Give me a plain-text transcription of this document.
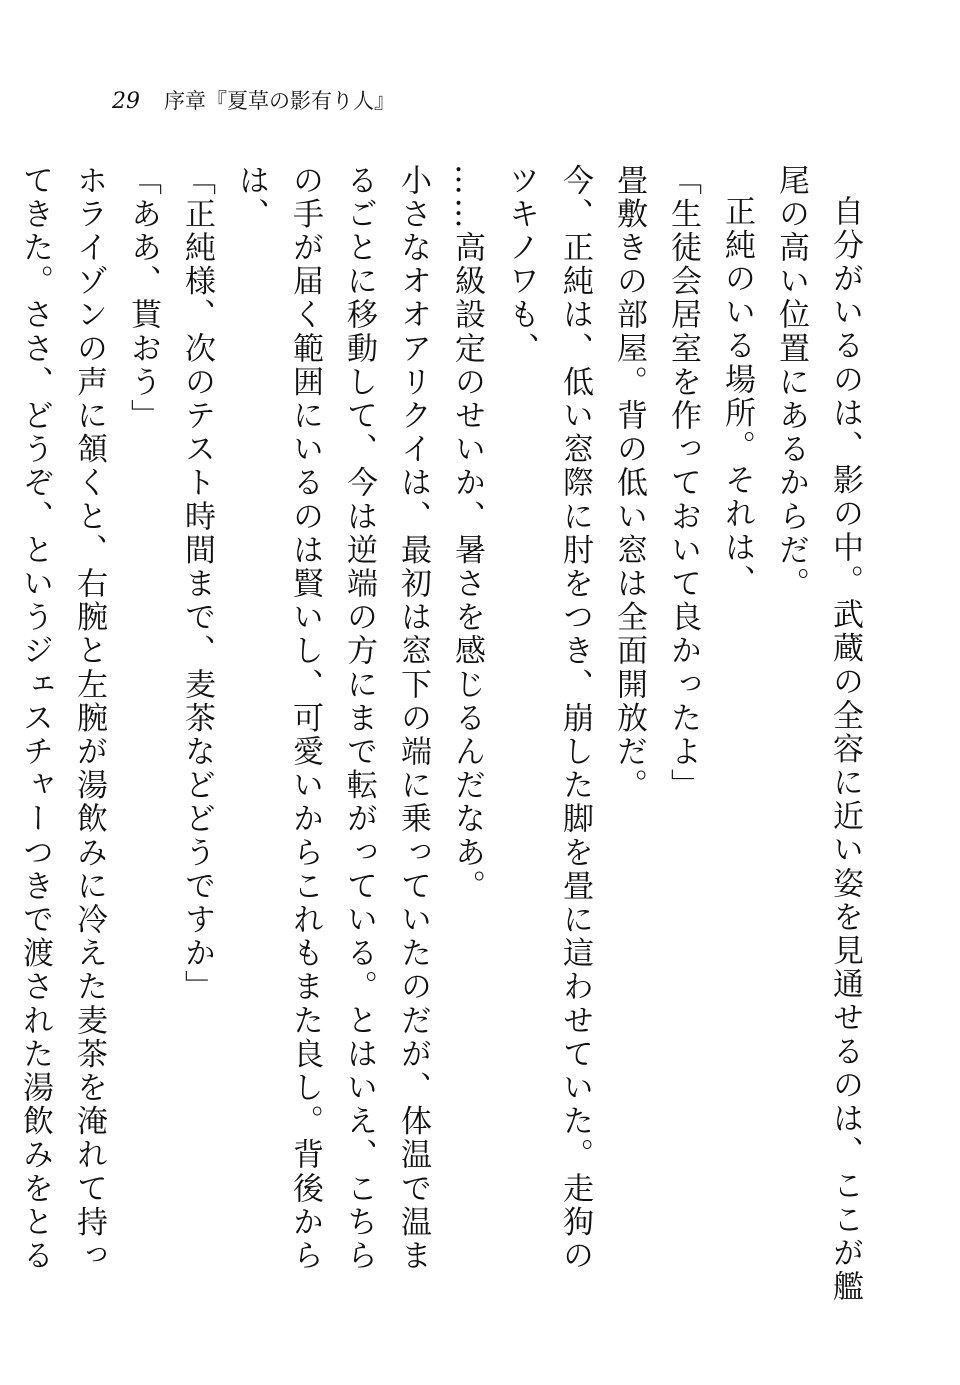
29 序章『夏草の影有り人』

自分がいるのは、影の中。武蔵の全容に近い姿を見通せるのは、ここが艦尾の高い位置にあるからだ。

正純のいる場所。それは、

「生徒会居室を作っておいて良かったよ」

畳敷きの部屋。背の低い窓は全面開放だ。

今、正純は、低い窓際に肘をつき、崩した脚を畳に這わせていた。走狗のツキノワも、

……高級設定のせいか、暑さを感じるんだなあ。

小さなオオアリクイは、最初は窓下の端に乗っていたのだが、体温で温まるごとに移動して、今は逆端の方にまで転がっている。とはいえ、こちらの手が届く範囲にいるのは賢いし、可愛いからこれもまた良し。背後からは、

「正純様、次のテスト時間まで、麦茶などどうですか」

「ああ、貰おう」

ホライゾンの声に頷くと、右腕と左腕が湯飲みに冷えた麦茶を淹れて持ってきた。ささ、どうぞ、というジェスチャーつきで渡された湯飲みをとる
